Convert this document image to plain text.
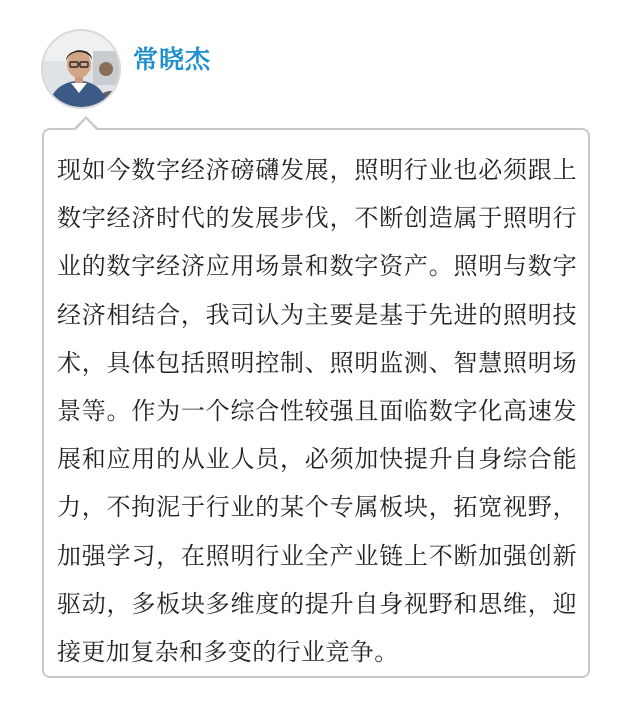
常晓杰

现如今数字经济磅礴发展，照明行业也必须跟上数字经济时代的发展步伐，不断创造属于照明行业的数字经济应用场景和数字资产。照明与数字经济相结合，我司认为主要是基于先进的照明技术，具体包括照明控制、照明监测、智慧照明场景等。作为一个综合性较强且面临数字化高速发展和应用的从业人员，必须加快提升自身综合能力，不拘泥于行业的某个专属板块，拓宽视野，加强学习，在照明行业全产业链上不断加强创新驱动，多板块多维度的提升自身视野和思维，迎接更加复杂和多变的行业竞争。
